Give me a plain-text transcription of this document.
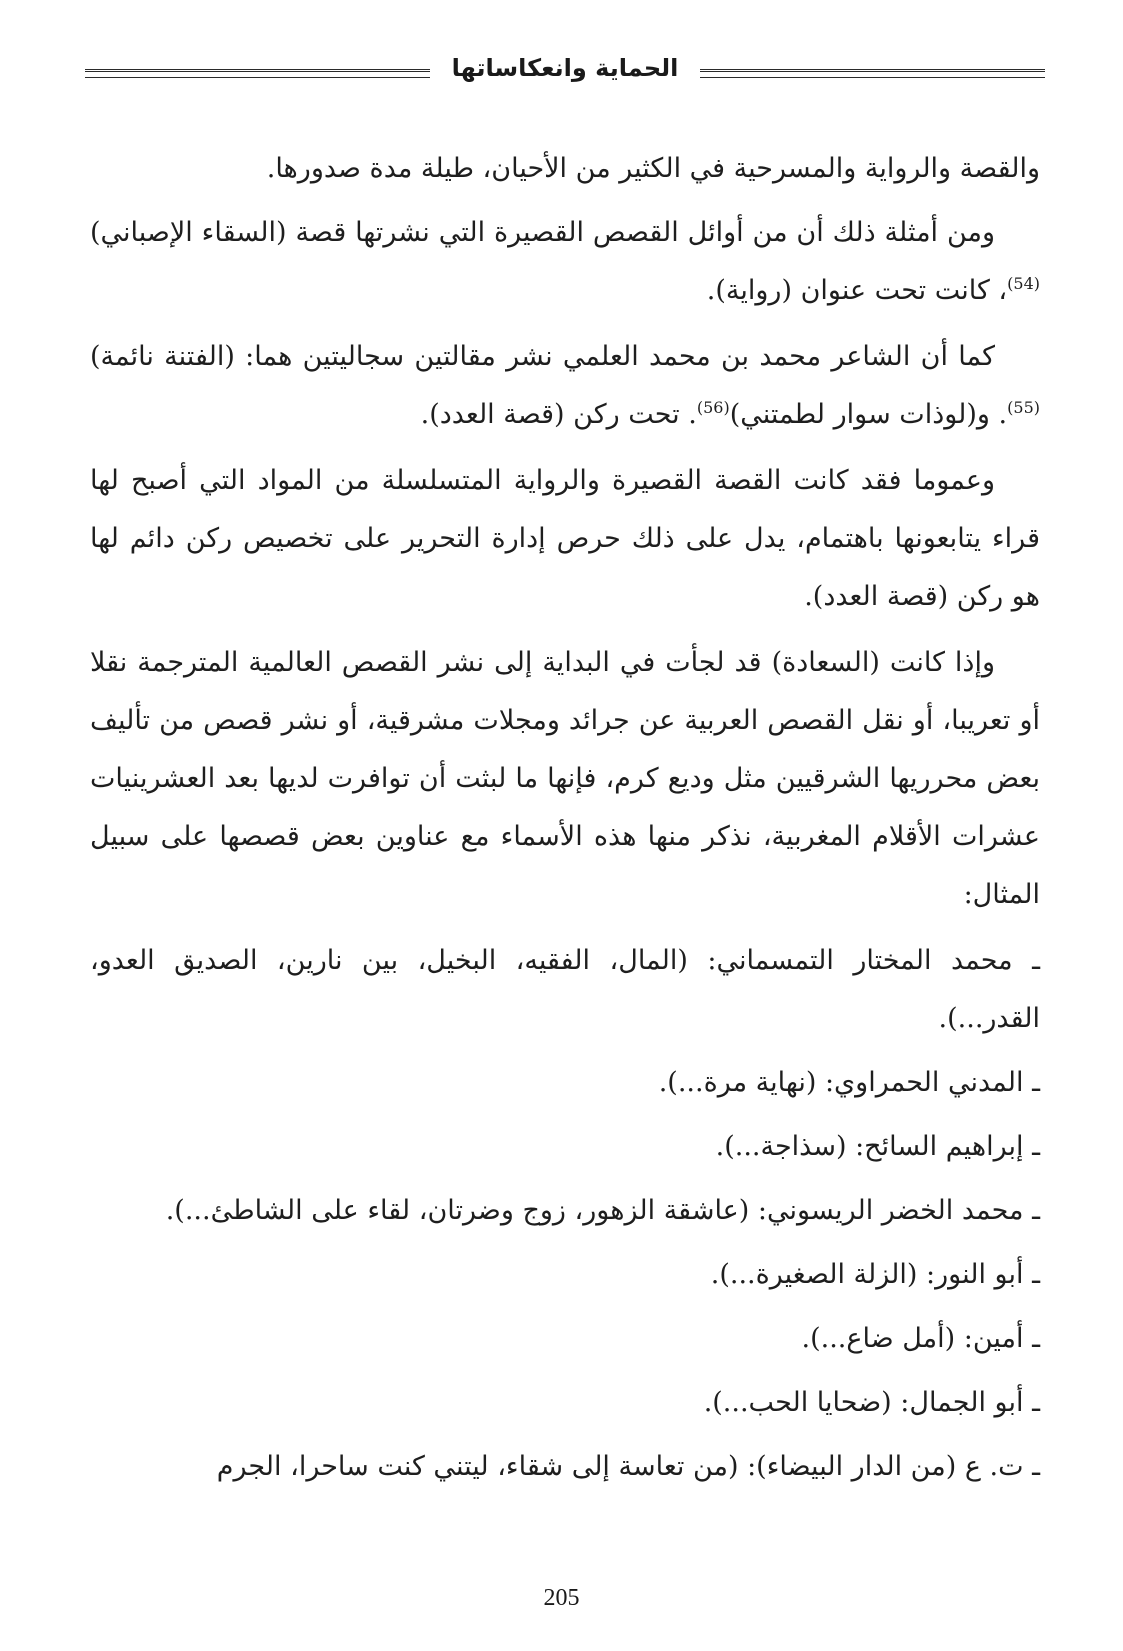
الحماية وانعكاساتها

والقصة والرواية والمسرحية في الكثير من الأحيان، طيلة مدة صدورها.

ومن أمثلة ذلك أن من أوائل القصص القصيرة التي نشرتها قصة (السقاء الإصباني)$^{(54)}$، كانت تحت عنوان (رواية).

كما أن الشاعر محمد بن محمد العلمي نشر مقالتين سجاليتين هما: (الفتنة نائمة)$^{(55)}$. و(لوذات سوار لطمتني)$^{(56)}$. تحت ركن (قصة العدد).

وعموما فقد كانت القصة القصيرة والرواية المتسلسلة من المواد التي أصبح لها قراء يتابعونها باهتمام، يدل على ذلك حرص إدارة التحرير على تخصيص ركن دائم لها هو ركن (قصة العدد).

وإذا كانت (السعادة) قد لجأت في البداية إلى نشر القصص العالمية المترجمة نقلا أو تعريبا، أو نقل القصص العربية عن جرائد ومجلات مشرقية، أو نشر قصص من تأليف بعض محرريها الشرقيين مثل وديع كرم، فإنها ما لبثت أن توافرت لديها بعد العشرينيات عشرات الأقلام المغربية، نذكر منها هذه الأسماء مع عناوين بعض قصصها على سبيل المثال:

ـ محمد المختار التمسماني: (المال، الفقيه، البخيل، بين نارين، الصديق العدو، القدر...).

ـ المدني الحمراوي: (نهاية مرة...).

ـ إبراهيم السائح: (سذاجة...).

ـ محمد الخضر الريسوني: (عاشقة الزهور، زوج وضرتان، لقاء على الشاطئ...).

ـ أبو النور: (الزلة الصغيرة...).

ـ أمين: (أمل ضاع...).

ـ أبو الجمال: (ضحايا الحب...).

ـ ت. ع (من الدار البيضاء): (من تعاسة إلى شقاء، ليتني كنت ساحرا، الجرم

205
